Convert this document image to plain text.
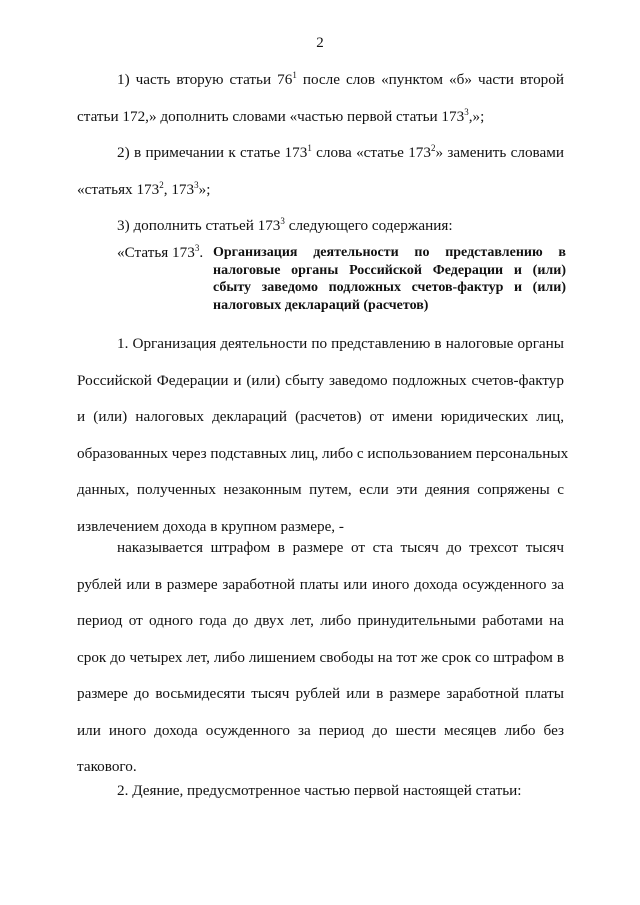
2
1) часть вторую статьи $76^1$ после слов «пунктом «б» части второй
статьи 172,» дополнить словами «частью первой статьи $173^3$,»;
2) в примечании к статье $173^1$ слова «статье $173^2$» заменить словами
«статьях $173^2$, $173^3$»;
3) дополнить статьей $173^3$ следующего содержания:
«Статья $173^3$. Организация деятельности по представлению в
налоговые органы Российской Федерации и (или)
сбыту заведомо подложных счетов-фактур и (или)
налоговых деклараций (расчетов)
1. Организация деятельности по представлению в налоговые органы
Российской Федерации и (или) сбыту заведомо подложных счетов-фактур
и (или) налоговых деклараций (расчетов) от имени юридических лиц,
образованных через подставных лиц, либо с использованием персональных
данных, полученных незаконным путем, если эти деяния сопряжены с
извлечением дохода в крупном размере, -
наказывается штрафом в размере от ста тысяч до трехсот тысяч
рублей или в размере заработной платы или иного дохода осужденного за
период от одного года до двух лет, либо принудительными работами на
срок до четырех лет, либо лишением свободы на тот же срок со штрафом в
размере до восьмидесяти тысяч рублей или в размере заработной платы
или иного дохода осужденного за период до шести месяцев либо без
такового.
2. Деяние, предусмотренное частью первой настоящей статьи:
